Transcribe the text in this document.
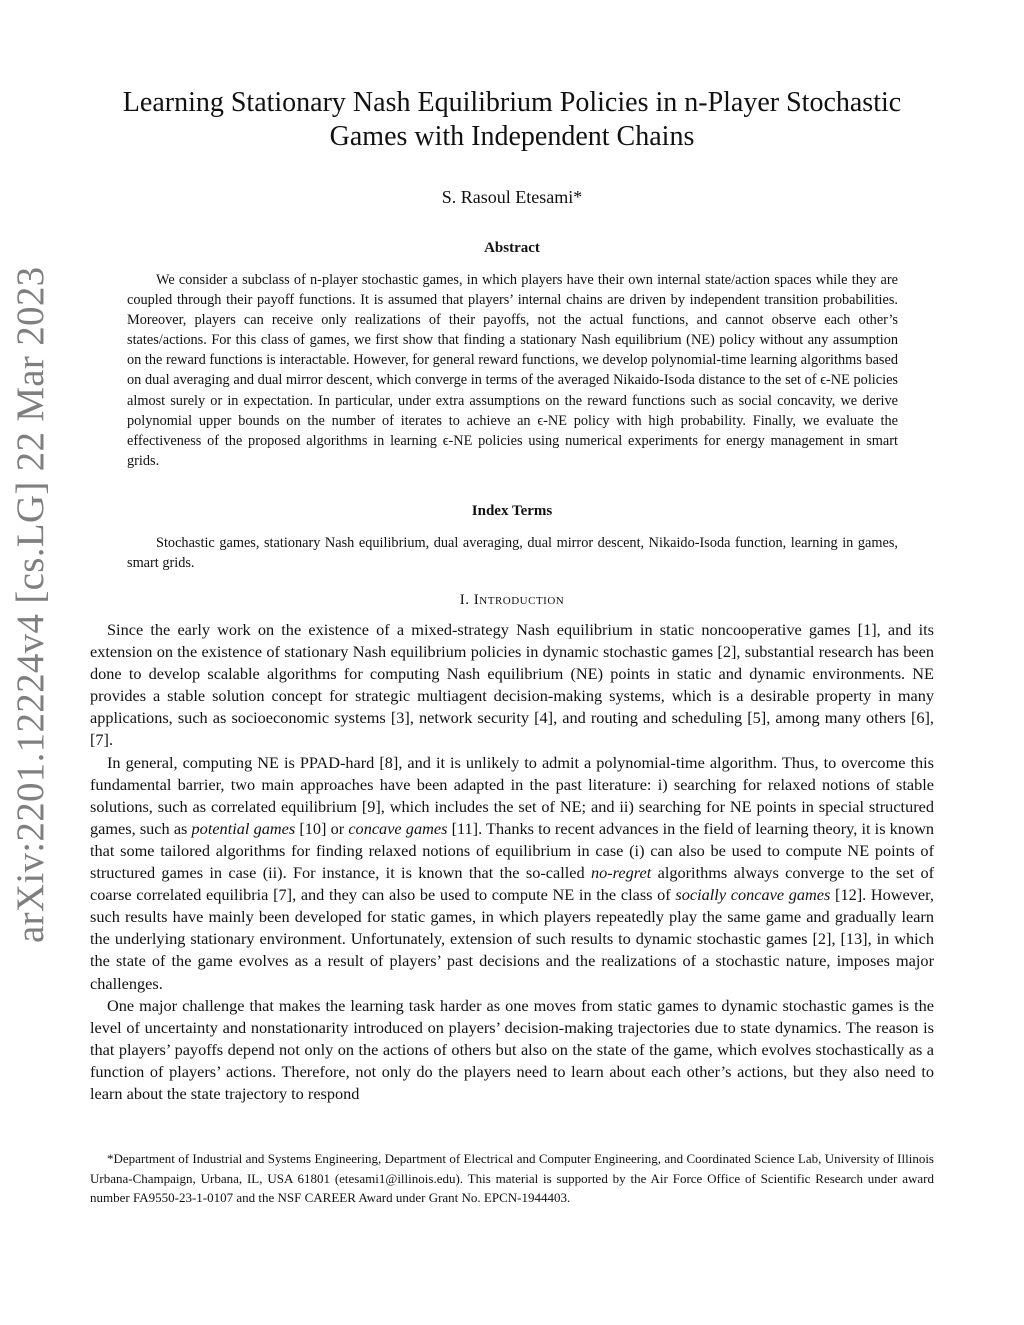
arXiv:2201.12224v4 [cs.LG] 22 Mar 2023
Learning Stationary Nash Equilibrium Policies in n-Player Stochastic
Games with Independent Chains
S. Rasoul Etesami*
Abstract

We consider a subclass of n-player stochastic games, in which players have their own internal state/action spaces while they are coupled through their payoff functions. It is assumed that players’ internal chains are driven by independent transition probabilities. Moreover, players can receive only realizations of their payoffs, not the actual functions, and cannot observe each other’s states/actions. For this class of games, we first show that finding a stationary Nash equilibrium (NE) policy without any assumption on the reward functions is interactable. However, for general reward functions, we develop polynomial-time learning algorithms based on dual averaging and dual mirror descent, which converge in terms of the averaged Nikaido-Isoda distance to the set of ϵ-NE policies almost surely or in expectation. In particular, under extra assumptions on the reward functions such as social concavity, we derive polynomial upper bounds on the number of iterates to achieve an ϵ-NE policy with high probability. Finally, we evaluate the effectiveness of the proposed algorithms in learning ϵ-NE policies using numerical experiments for energy management in smart grids.

Index Terms

Stochastic games, stationary Nash equilibrium, dual averaging, dual mirror descent, Nikaido-Isoda function, learning in games, smart grids.

I. Introduction

Since the early work on the existence of a mixed-strategy Nash equilibrium in static noncooperative games [1], and its extension on the existence of stationary Nash equilibrium policies in dynamic stochastic games [2], substantial research has been done to develop scalable algorithms for computing Nash equilibrium (NE) points in static and dynamic environments. NE provides a stable solution concept for strategic multiagent decision-making systems, which is a desirable property in many applications, such as socioeconomic systems [3], network security [4], and routing and scheduling [5], among many others [6], [7].

In general, computing NE is PPAD-hard [8], and it is unlikely to admit a polynomial-time algorithm. Thus, to overcome this fundamental barrier, two main approaches have been adapted in the past literature: i) searching for relaxed notions of stable solutions, such as correlated equilibrium [9], which includes the set of NE; and ii) searching for NE points in special structured games, such as potential games [10] or concave games [11]. Thanks to recent advances in the field of learning theory, it is known that some tailored algorithms for finding relaxed notions of equilibrium in case (i) can also be used to compute NE points of structured games in case (ii). For instance, it is known that the so-called no-regret algorithms always converge to the set of coarse correlated equilibria [7], and they can also be used to compute NE in the class of socially concave games [12]. However, such results have mainly been developed for static games, in which players repeatedly play the same game and gradually learn the underlying stationary environment. Unfortunately, extension of such results to dynamic stochastic games [2], [13], in which the state of the game evolves as a result of players’ past decisions and the realizations of a stochastic nature, imposes major challenges.

One major challenge that makes the learning task harder as one moves from static games to dynamic stochastic games is the level of uncertainty and nonstationarity introduced on players’ decision-making trajectories due to state dynamics. The reason is that players’ payoffs depend not only on the actions of others but also on the state of the game, which evolves stochastically as a function of players’ actions. Therefore, not only do the players need to learn about each other’s actions, but they also need to learn about the state trajectory to respond

*Department of Industrial and Systems Engineering, Department of Electrical and Computer Engineering, and Coordinated Science Lab, University of Illinois Urbana-Champaign, Urbana, IL, USA 61801 (etesami1@illinois.edu). This material is supported by the Air Force Office of Scientific Research under award number FA9550-23-1-0107 and the NSF CAREER Award under Grant No. EPCN-1944403.
